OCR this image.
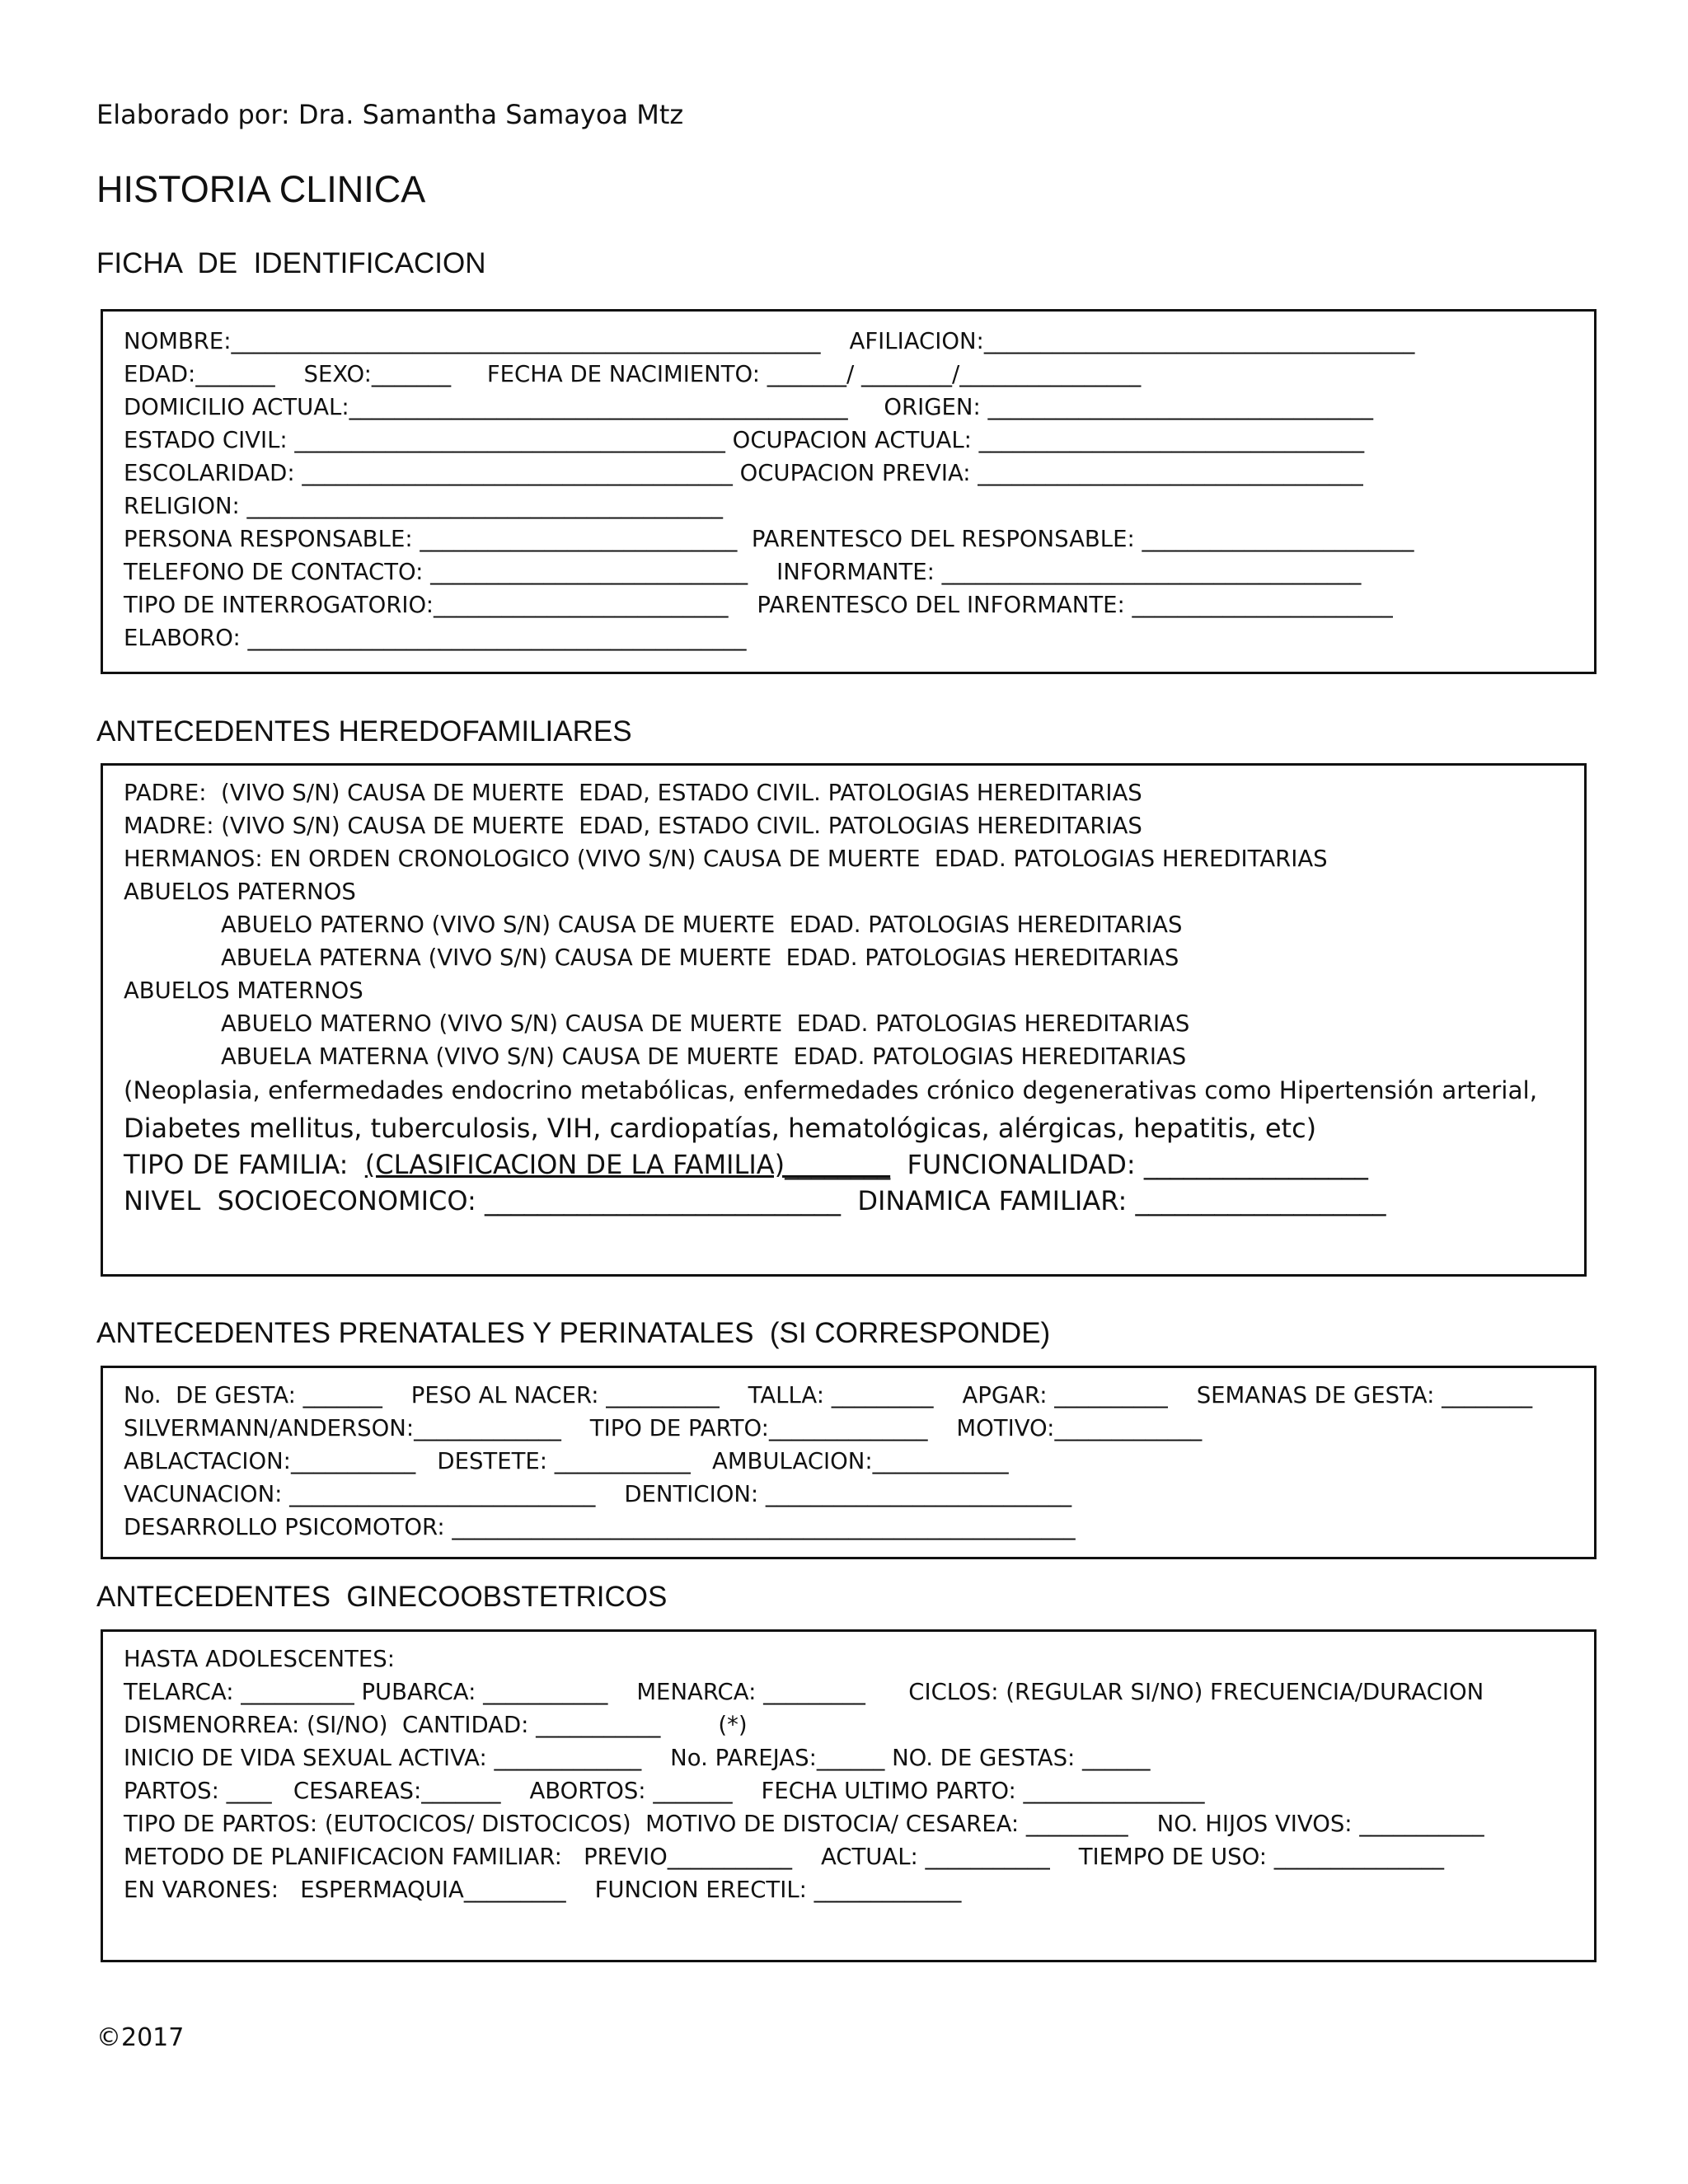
Elaborado por: Dra. Samantha Samayoa Mtz
HISTORIA CLINICA
FICHA  DE  IDENTIFICACION
NOMBRE:____________________________________________________    AFILIACION:______________________________________
EDAD:_______    SEXO:_______     FECHA DE NACIMIENTO: _______/ ________/________________
DOMICILIO ACTUAL:____________________________________________     ORIGEN: __________________________________
ESTADO CIVIL: ______________________________________ OCUPACION ACTUAL: __________________________________
ESCOLARIDAD: ______________________________________ OCUPACION PREVIA: __________________________________
RELIGION: __________________________________________
PERSONA RESPONSABLE: ____________________________  PARENTESCO DEL RESPONSABLE: ________________________
TELEFONO DE CONTACTO: ____________________________    INFORMANTE: _____________________________________
TIPO DE INTERROGATORIO:__________________________    PARENTESCO DEL INFORMANTE: _______________________
ELABORO: ____________________________________________
ANTECEDENTES HEREDOFAMILIARES
PADRE:  (VIVO S/N) CAUSA DE MUERTE  EDAD, ESTADO CIVIL. PATOLOGIAS HEREDITARIAS
MADRE: (VIVO S/N) CAUSA DE MUERTE  EDAD, ESTADO CIVIL. PATOLOGIAS HEREDITARIAS
HERMANOS: EN ORDEN CRONOLOGICO (VIVO S/N) CAUSA DE MUERTE  EDAD. PATOLOGIAS HEREDITARIAS
ABUELOS PATERNOS
ABUELO PATERNO (VIVO S/N) CAUSA DE MUERTE  EDAD. PATOLOGIAS HEREDITARIAS
ABUELA PATERNA (VIVO S/N) CAUSA DE MUERTE  EDAD. PATOLOGIAS HEREDITARIAS
ABUELOS MATERNOS
ABUELO MATERNO (VIVO S/N) CAUSA DE MUERTE  EDAD. PATOLOGIAS HEREDITARIAS
ABUELA MATERNA (VIVO S/N) CAUSA DE MUERTE  EDAD. PATOLOGIAS HEREDITARIAS
(Neoplasia, enfermedades endocrino metabólicas, enfermedades crónico degenerativas como Hipertensión arterial,
Diabetes mellitus, tuberculosis, VIH, cardiopatías, hematológicas, alérgicas, hepatitis, etc)
TIPO DE FAMILIA:  (CLASIFICACION DE LA FAMILIA)________  FUNCIONALIDAD: _________________
NIVEL  SOCIOECONOMICO: ___________________________  DINAMICA FAMILIAR: ___________________
ANTECEDENTES PRENATALES Y PERINATALES  (SI CORRESPONDE)
No.  DE GESTA: _______    PESO AL NACER: __________    TALLA: _________    APGAR: __________    SEMANAS DE GESTA: ________
SILVERMANN/ANDERSON:_____________    TIPO DE PARTO:______________    MOTIVO:_____________
ABLACTACION:___________   DESTETE: ____________   AMBULACION:____________
VACUNACION: ___________________________    DENTICION: ___________________________
DESARROLLO PSICOMOTOR: _______________________________________________________
ANTECEDENTES  GINECOOBSTETRICOS
HASTA ADOLESCENTES:
TELARCA: __________ PUBARCA: ___________    MENARCA: _________      CICLOS: (REGULAR SI/NO) FRECUENCIA/DURACION
DISMENORREA: (SI/NO)  CANTIDAD: ___________        (*)
INICIO DE VIDA SEXUAL ACTIVA: _____________    No. PAREJAS:______ NO. DE GESTAS: ______
PARTOS: ____   CESAREAS:_______    ABORTOS: _______    FECHA ULTIMO PARTO: ________________
TIPO DE PARTOS: (EUTOCICOS/ DISTOCICOS)  MOTIVO DE DISTOCIA/ CESAREA: _________    NO. HIJOS VIVOS: ___________
METODO DE PLANIFICACION FAMILIAR:   PREVIO___________    ACTUAL: ___________    TIEMPO DE USO: _______________
EN VARONES:   ESPERMAQUIA_________    FUNCION ERECTIL: _____________
©2017
